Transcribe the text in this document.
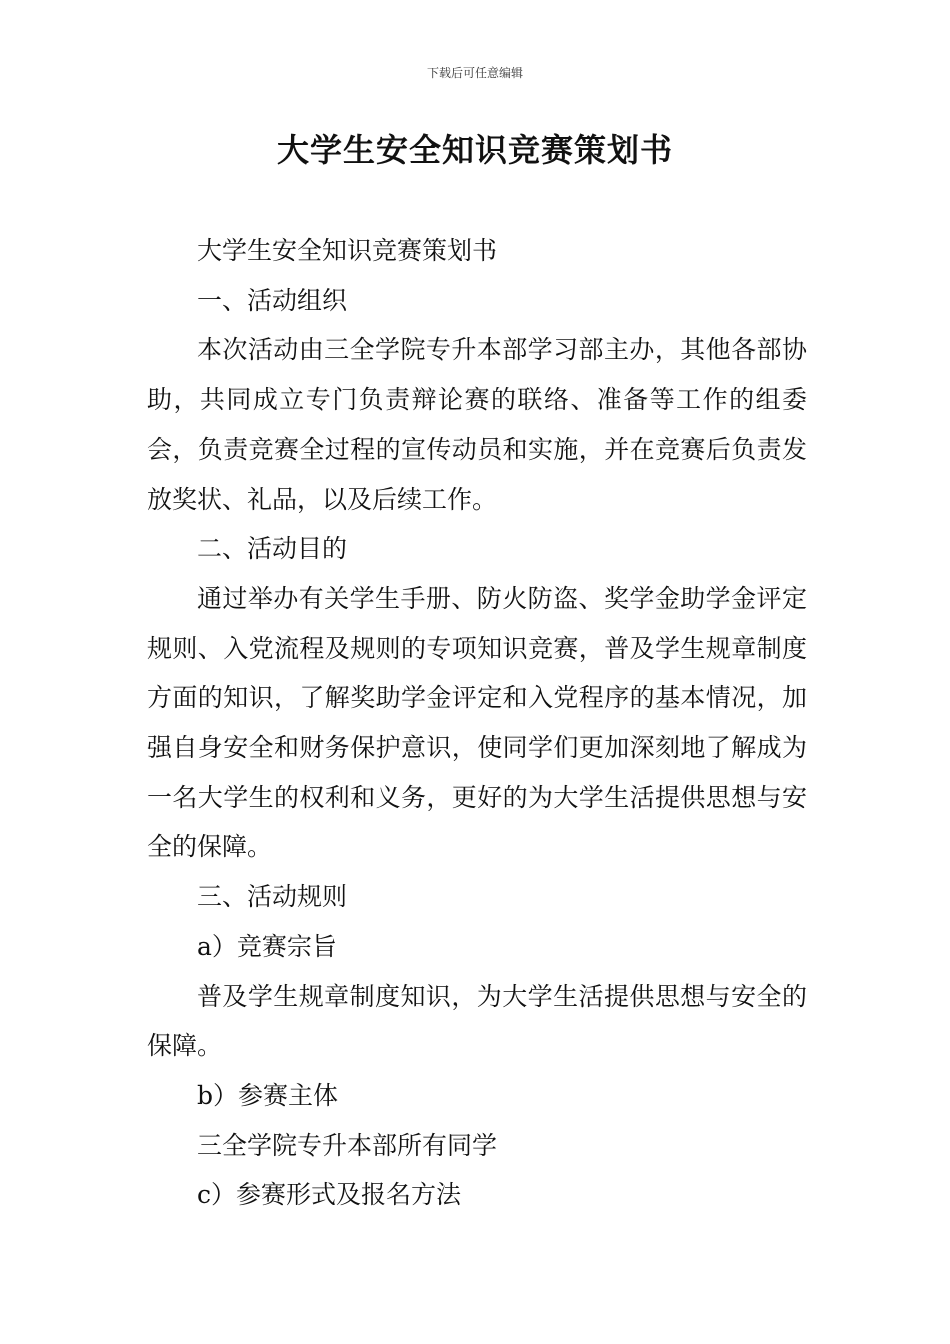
下载后可任意编辑
大学生安全知识竞赛策划书

大学生安全知识竞赛策划书

一、活动组织

本次活动由三全学院专升本部学习部主办，其他各部协助，共同成立专门负责辩论赛的联络、准备等工作的组委会，负责竞赛全过程的宣传动员和实施，并在竞赛后负责发放奖状、礼品，以及后续工作。

二、活动目的

通过举办有关学生手册、防火防盗、奖学金助学金评定规则、入党流程及规则的专项知识竞赛，普及学生规章制度方面的知识，了解奖助学金评定和入党程序的基本情况，加强自身安全和财务保护意识，使同学们更加深刻地了解成为一名大学生的权利和义务，更好的为大学生活提供思想与安全的保障。

三、活动规则

a）竞赛宗旨

普及学生规章制度知识，为大学生活提供思想与安全的保障。

b）参赛主体

三全学院专升本部所有同学

c）参赛形式及报名方法
